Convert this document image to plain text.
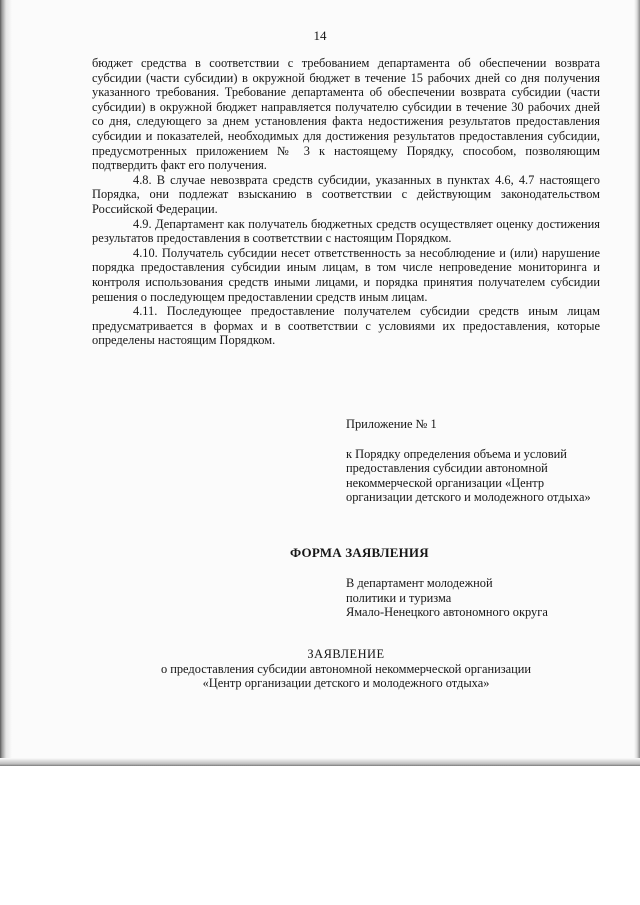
14

бюджет средства в соответствии с требованием департамента об обеспечении возврата субсидии (части субсидии) в окружной бюджет в течение 15 рабочих дней со дня получения указанного требования. Требование департамента об обеспечении возврата субсидии (части субсидии) в окружной бюджет направляется получателю субсидии в течение 30 рабочих дней со дня, следующего за днем установления факта недостижения результатов предоставления субсидии и показателей, необходимых для достижения результатов предоставления субсидии, предусмотренных приложением № 3 к настоящему Порядку, способом, позволяющим подтвердить факт его получения.

4.8. В случае невозврата средств субсидии, указанных в пунктах 4.6, 4.7 настоящего Порядка, они подлежат взысканию в соответствии с действующим законодательством Российской Федерации.

4.9. Департамент как получатель бюджетных средств осуществляет оценку достижения результатов предоставления в соответствии с настоящим Порядком.

4.10. Получатель субсидии несет ответственность за несоблюдение и (или) нарушение порядка предоставления субсидии иным лицам, в том числе непроведение мониторинга и контроля использования средств иными лицами, и порядка принятия получателем субсидии решения о последующем предоставлении средств иным лицам.

4.11. Последующее предоставление получателем субсидии средств иным лицам предусматривается в формах и в соответствии с условиями их предоставления, которые определены настоящим Порядком.

Приложение № 1

к Порядку определения объема и условий предоставления субсидии автономной некоммерческой организации «Центр организации детского и молодежного отдыха»

ФОРМА ЗАЯВЛЕНИЯ

В департамент молодежной

политики и туризма

Ямало-Ненецкого автономного округа

ЗАЯВЛЕНИЕ

о предоставления субсидии автономной некоммерческой организации

«Центр организации детского и молодежного отдыха»
